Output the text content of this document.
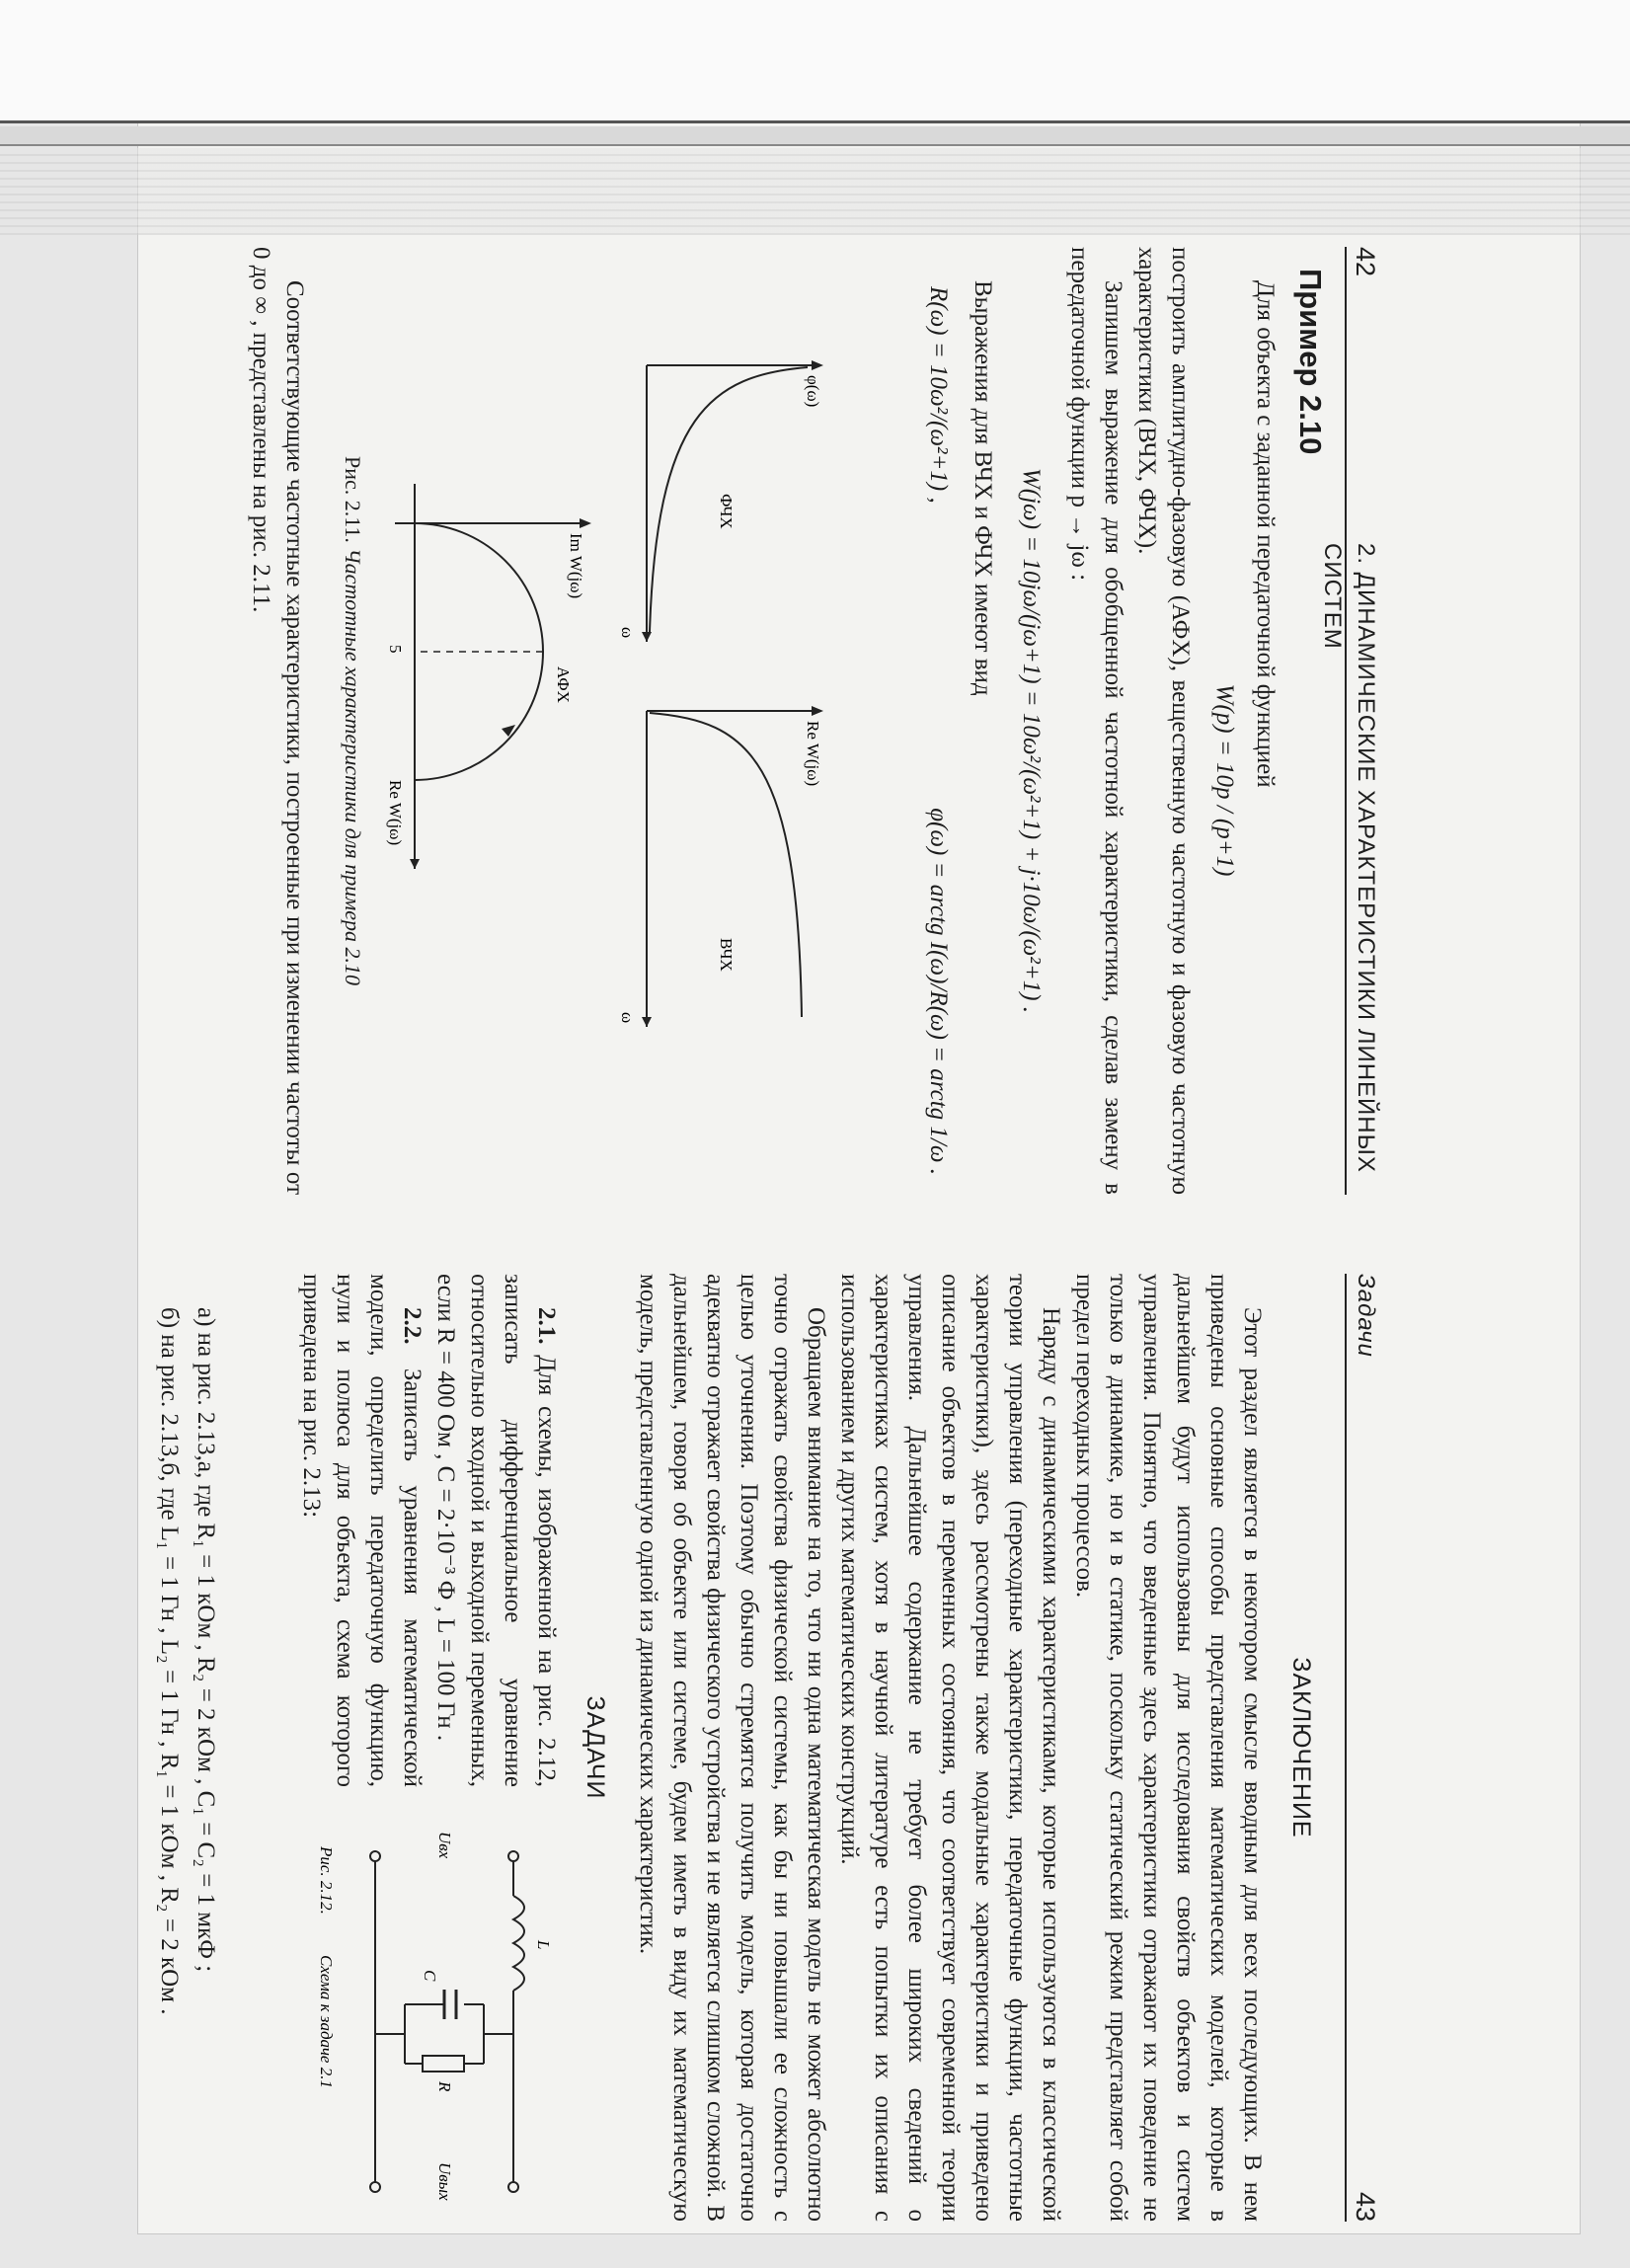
42
2. ДИНАМИЧЕСКИЕ ХАРАКТЕРИСТИКИ ЛИНЕЙНЫХ СИСТЕМ
Пример 2.10

Для объекта с заданной передаточной функцией

W(p) = 10p / (p+1)

построить амплитудно-фазовую (АФХ), вещественную частотную и фазовую частотную характеристики (ВЧХ, ФЧХ).

Запишем выражение для обобщенной частотной характеристики, сделав замену в передаточной функции p → jω :

W(jω) = 10jω/(jω+1) = 10ω²/(ω²+1) + j·10ω/(ω²+1) .

Выражения для ВЧХ и ФЧХ имеют вид

R(ω) = 10ω²/(ω²+1) ,
φ(ω) = arctg I(ω)/R(ω) = arctg 1/ω .
φ(ω)
ФЧХ
ω
Re W(jω)
ВЧХ
ω
Im W(jω)
АФХ
5
Re W(jω)
Рис. 2.11. Частотные характеристики для примера 2.10

Соответствующие частотные характеристики, построенные при изменении частоты от 0 до ∞ , представлены на рис. 2.11.

Задачи
43
ЗАКЛЮЧЕНИЕ

Этот раздел является в некотором смысле вводным для всех последующих. В нем приведены основные способы представления математических моделей, которые в дальнейшем будут использованы для исследования свойств объектов и систем управления. Понятно, что введенные здесь характеристики отражают их поведение не только в динамике, но и в статике, поскольку статический режим представляет собой предел переходных процессов.

Наряду с динамическими характеристиками, которые используются в классической теории управления (переходные характеристики, передаточные функции, частотные характеристики), здесь рассмотрены также модальные характеристики и приведено описание объектов в переменных состояния, что соответствует современной теории управления. Дальнейшее содержание не требует более широких сведений о характеристиках систем, хотя в научной литературе есть попытки их описания с использованием и других математических конструкций.

Обращаем внимание на то, что ни одна математическая модель не может абсолютно точно отражать свойства физической системы, как бы ни повышали ее сложность с целью уточнения. Поэтому обычно стремятся получить модель, которая достаточно адекватно отражает свойства физического устройства и не является слишком сложной. В дальнейшем, говоря об объекте или системе, будем иметь в виду их математическую модель, представленную одной из динамических характеристик.

ЗАДАЧИ

2.1. Для схемы, изображенной на рис. 2.12, записать дифференциальное уравнение относительно входной и выходной переменных, если R = 400 Ом , C = 2·10⁻³ Ф , L = 100 Гн .

2.2. Записать уравнения математической модели, определить передаточную функцию, нули и полюса для объекта, схема которого приведена на рис. 2.13:

а) на рис. 2.13,а, где R₁ = 1 кОм , R₂ = 2 кОм , C₁ = C₂ = 1 мкФ ;

б) на рис. 2.13,б, где L₁ = 1 Гн , L₂ = 1 Гн , R₁ = 1 кОм , R₂ = 2 кОм .	L
R
C
Uвх
Uвых
Рис. 2.12.
Схема к задаче 2.1
